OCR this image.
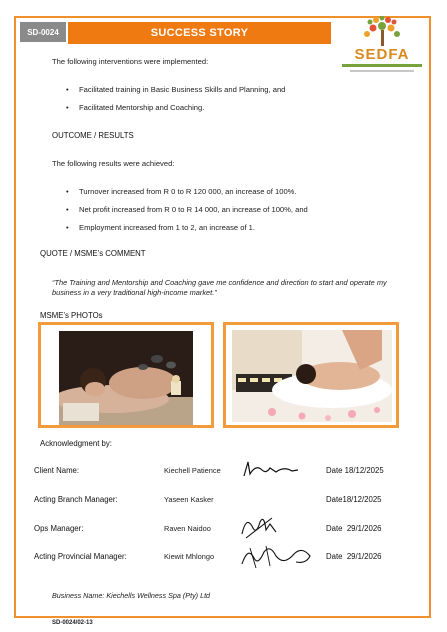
SD-0024	SUCCESS STORY
SEDFA
The following interventions were implemented:
• Facilitated training in Basic Business Skills and Planning, and
• Facilitated Mentorship and Coaching.
OUTCOME / RESULTS
The following results were achieved:
• Turnover increased from R 0 to R 120 000, an increase of 100%.
• Net profit increased from R 0 to R 14 000, an increase of 100%, and
• Employment increased from 1 to 2, an increase of 1.
QUOTE / MSME’s COMMENT
“The Training and Mentorship and Coaching gave me confidence and direction to start and operate my business in a very traditional high-income market.”
MSME’s PHOTOs
Acknowledgment by:
Client Name:	Kiechell Patience	Date 18/12/2025
Acting Branch Manager:	Yaseen Kasker	Date18/12/2025
Ops Manager:	Raven Naidoo	Date 29/1/2026
Acting Provincial Manager:	Kiewit Mhlongo	Date 29/1/2026
Business Name: Kiechells Wellness Spa (Pty) Ltd
SD-0024/02-13
